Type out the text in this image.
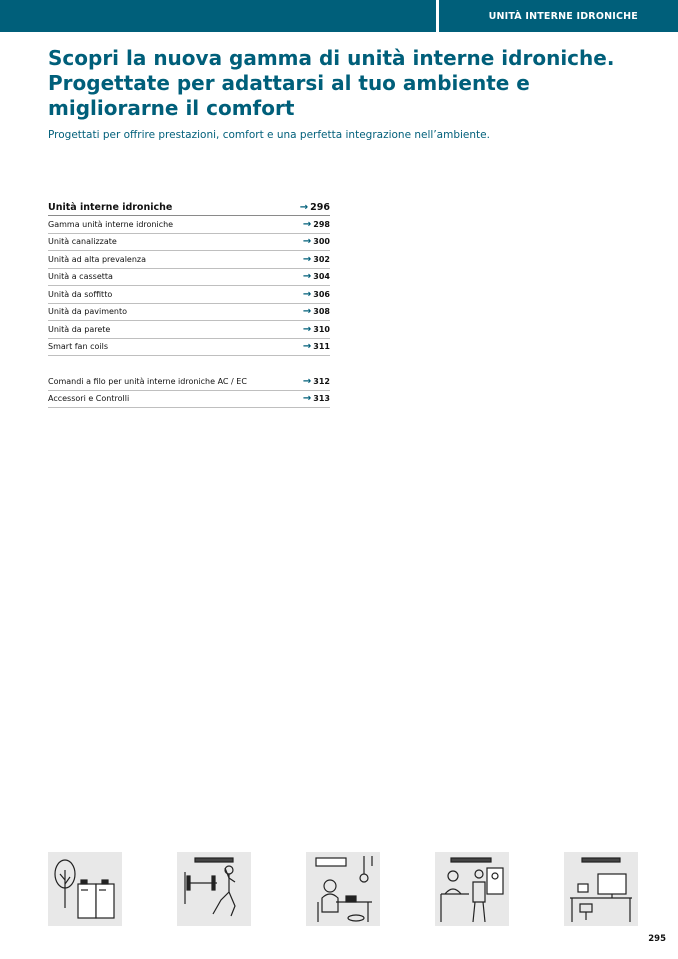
UNITÀ INTERNE IDRONICHE
Scopri la nuova gamma di unità interne idroniche. Progettate per adattarsi al tuo ambiente e migliorarne il comfort

Progettati per offrire prestazioni, comfort e una perfetta integrazione nell’ambiente.

Unità interne idroniche	→ 296
Gamma unità interne idroniche	→ 298
Unità canalizzate	→ 300
Unità ad alta prevalenza	→ 302
Unità a cassetta	→ 304
Unità da soffitto	→ 306
Unità da pavimento	→ 308
Unità da parete	→ 310
Smart fan coils	→ 311
Comandi a filo per unità interne idroniche AC / EC	→ 312
Accessori e Controlli	→ 313
295
